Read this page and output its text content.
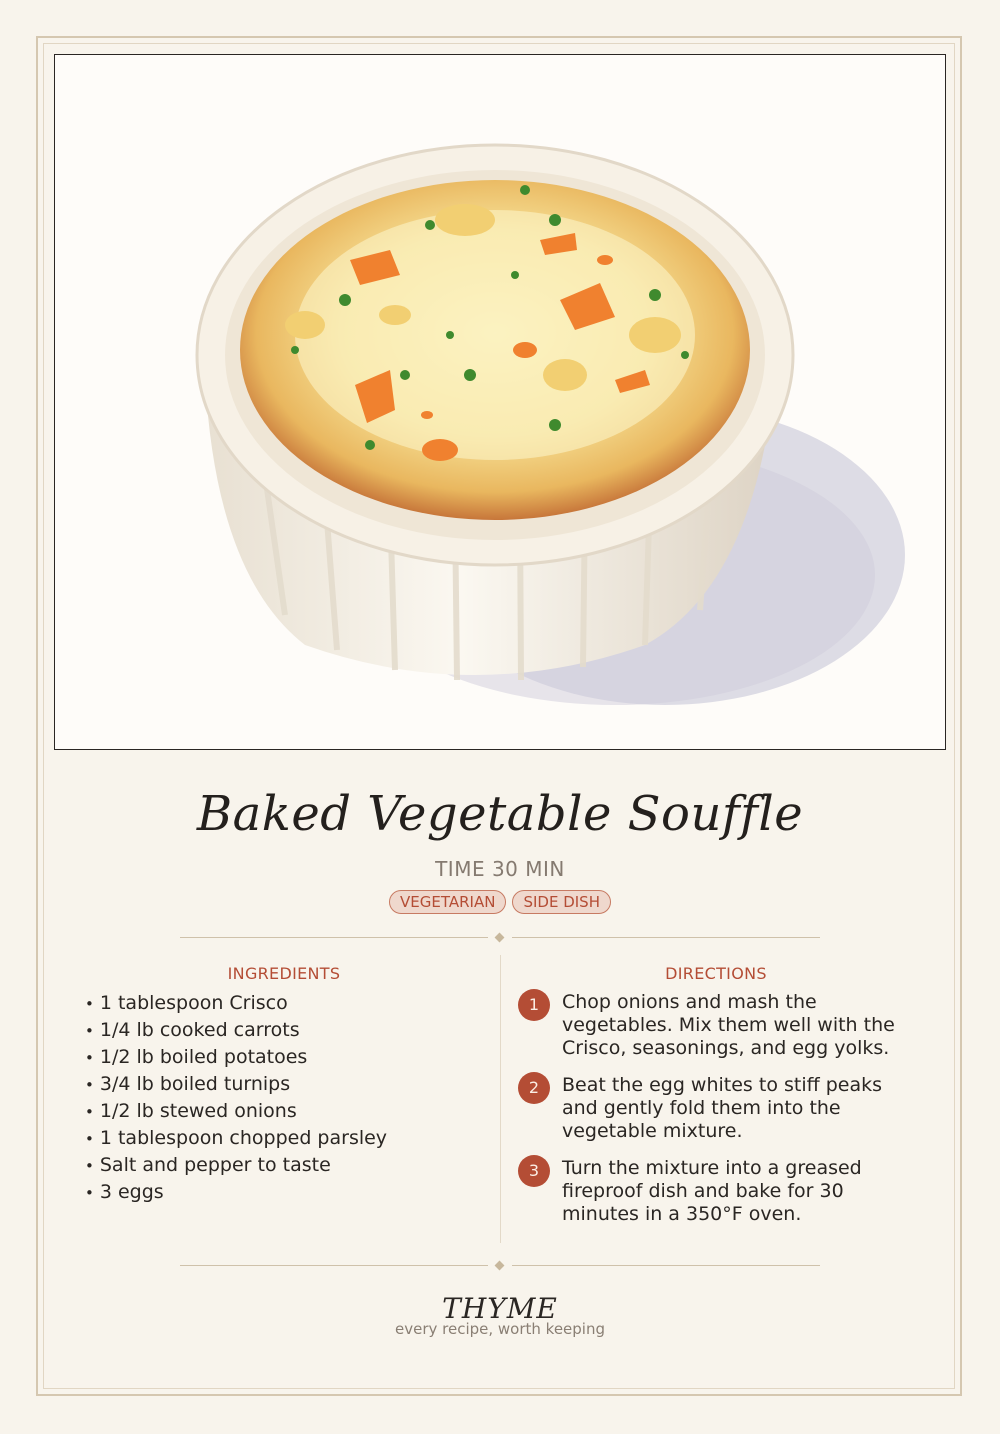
Baked Vegetable Souffle
TIME 30 MIN
VEGETARIAN SIDE DISH
INGREDIENTS
• 1 tablespoon Crisco
• 1/4 lb cooked carrots
• 1/2 lb boiled potatoes
• 3/4 lb boiled turnips
• 1/2 lb stewed onions
• 1 tablespoon chopped parsley
• Salt and pepper to taste
• 3 eggs
DIRECTIONS
1	Chop onions and mash the vegetables. Mix them well with the Crisco, seasonings, and egg yolks.
2	Beat the egg whites to stiff peaks and gently fold them into the vegetable mixture.
3	Turn the mixture into a greased fireproof dish and bake for 30 minutes in a 350°F oven.
THYME
every recipe, worth keeping
